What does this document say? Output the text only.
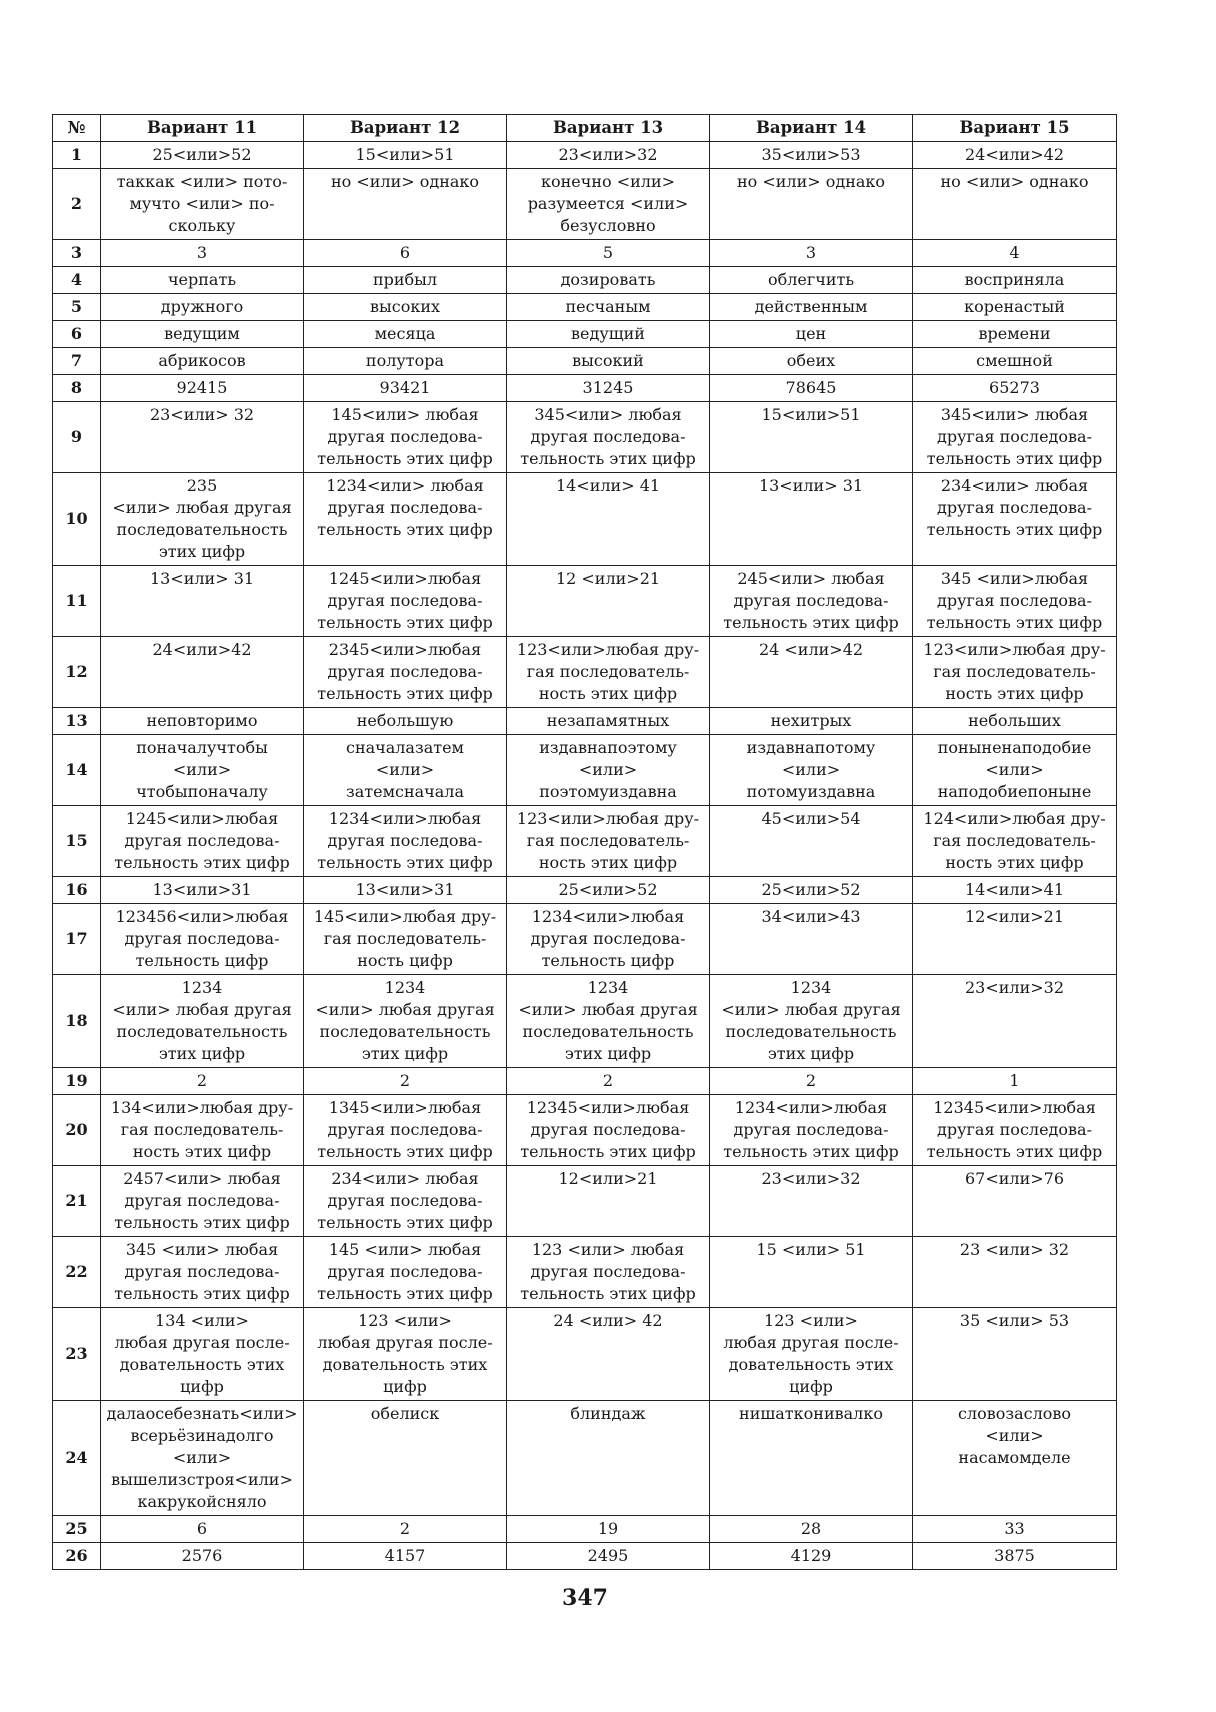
№	Вариант 11	Вариант 12	Вариант 13	Вариант 14	Вариант 15
1	25<или>52	15<или>51	23<или>32	35<или>53	24<или>42
2	таккак <или> пото-
мучто <или> по-
скольку	но <или> однако	конечно <или>
разумеется <или>
безусловно	но <или> однако	но <или> однако
3	3	6	5	3	4
4	черпать	прибыл	дозировать	облегчить	восприняла
5	дружного	высоких	песчаным	действенным	коренастый
6	ведущим	месяца	ведущий	цен	времени
7	абрикосов	полутора	высокий	обеих	смешной
8	92415	93421	31245	78645	65273
9	23<или> 32	145<или> любая
другая последова-
тельность этих цифр	345<или> любая
другая последова-
тельность этих цифр	15<или>51	345<или> любая
другая последова-
тельность этих цифр
10	235
<или> любая другая
последовательность
этих цифр	1234<или> любая
другая последова-
тельность этих цифр	14<или> 41	13<или> 31	234<или> любая
другая последова-
тельность этих цифр
11	13<или> 31	1245<или>любая
другая последова-
тельность этих цифр	12 <или>21	245<или> любая
другая последова-
тельность этих цифр	345 <или>любая
другая последова-
тельность этих цифр
12	24<или>42	2345<или>любая
другая последова-
тельность этих цифр	123<или>любая дру-
гая последователь-
ность этих цифр	24 <или>42	123<или>любая дру-
гая последователь-
ность этих цифр
13	неповторимо	небольшую	незапамятных	нехитрых	небольших
14	поначалучтобы
<или>
чтобыпоначалу	сначалазатем
<или>
затемсначала	издавнапоэтому
<или>
поэтомуиздавна	издавнапотому
<или>
потомуиздавна	поныненаподобие
<или>
наподобиепоныне
15	1245<или>любая
другая последова-
тельность этих цифр	1234<или>любая
другая последова-
тельность этих цифр	123<или>любая дру-
гая последователь-
ность этих цифр	45<или>54	124<или>любая дру-
гая последователь-
ность этих цифр
16	13<или>31	13<или>31	25<или>52	25<или>52	14<или>41
17	123456<или>любая
другая последова-
тельность цифр	145<или>любая дру-
гая последователь-
ность цифр	1234<или>любая
другая последова-
тельность цифр	34<или>43	12<или>21
18	1234
<или> любая другая
последовательность
этих цифр	1234
<или> любая другая
последовательность
этих цифр	1234
<или> любая другая
последовательность
этих цифр	1234
<или> любая другая
последовательность
этих цифр	23<или>32
19	2	2	2	2	1
20	134<или>любая дру-
гая последователь-
ность этих цифр	1345<или>любая
другая последова-
тельность этих цифр	12345<или>любая
другая последова-
тельность этих цифр	1234<или>любая
другая последова-
тельность этих цифр	12345<или>любая
другая последова-
тельность этих цифр
21	2457<или> любая
другая последова-
тельность этих цифр	234<или> любая
другая последова-
тельность этих цифр	12<или>21	23<или>32	67<или>76
22	345 <или> любая
другая последова-
тельность этих цифр	145 <или> любая
другая последова-
тельность этих цифр	123 <или> любая
другая последова-
тельность этих цифр	15 <или> 51	23 <или> 32
23	134 <или>
любая другая после-
довательность этих
цифр	123 <или>
любая другая после-
довательность этих
цифр	24 <или> 42	123 <или>
любая другая после-
довательность этих
цифр	35 <или> 53
24	далаосебезнать<или>
всерьёзинадолго
<или>
вышелизстроя<или>
какрукойсняло	обелиск	блиндаж	нишатконивалко	словозаслово
<или>
насамомделе
25	6	2	19	28	33
26	2576	4157	2495	4129	3875
347
